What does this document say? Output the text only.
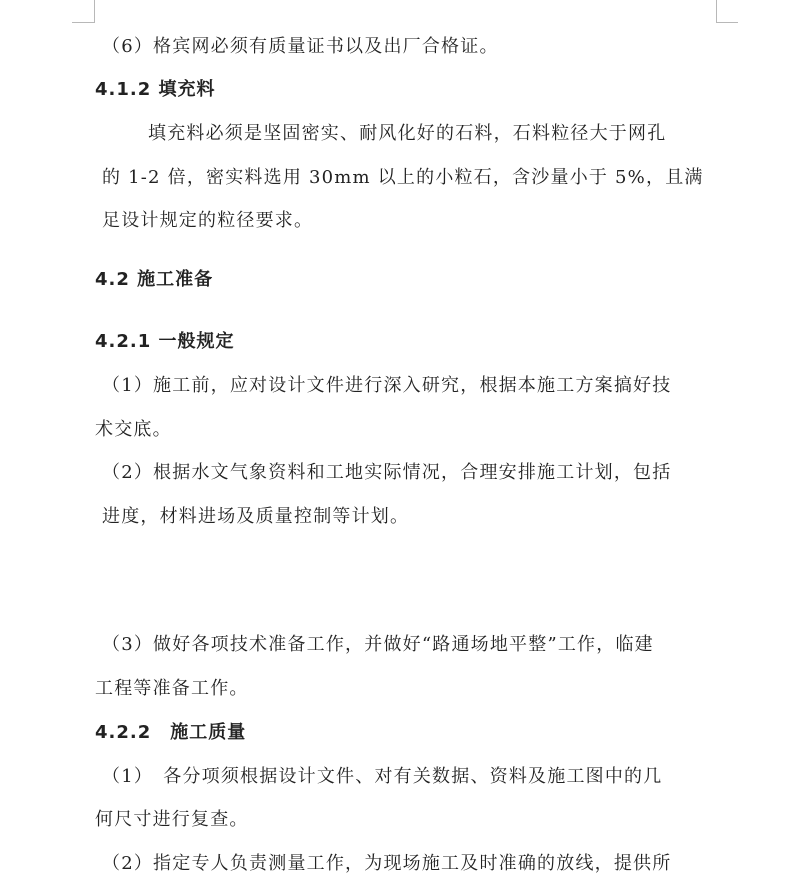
（6）格宾网必须有质量证书以及出厂合格证。
4.1.2 填充料
填充料必须是坚固密实、耐风化好的石料，石料粒径大于网孔
的 1-2 倍，密实料选用 30mm 以上的小粒石，含沙量小于 5%，且满
足设计规定的粒径要求。
4.2 施工准备
4.2.1 一般规定
（1）施工前，应对设计文件进行深入研究，根据本施工方案搞好技
术交底。
（2）根据水文气象资料和工地实际情况，合理安排施工计划，包括
进度，材料进场及质量控制等计划。
（3）做好各项技术准备工作，并做好“路通场地平整”工作，临建
工程等准备工作。
4.2.2　施工质量
（1）　各分项须根据设计文件、对有关数据、资料及施工图中的几
何尺寸进行复查。
（2）指定专人负责测量工作，为现场施工及时准确的放线，提供所
